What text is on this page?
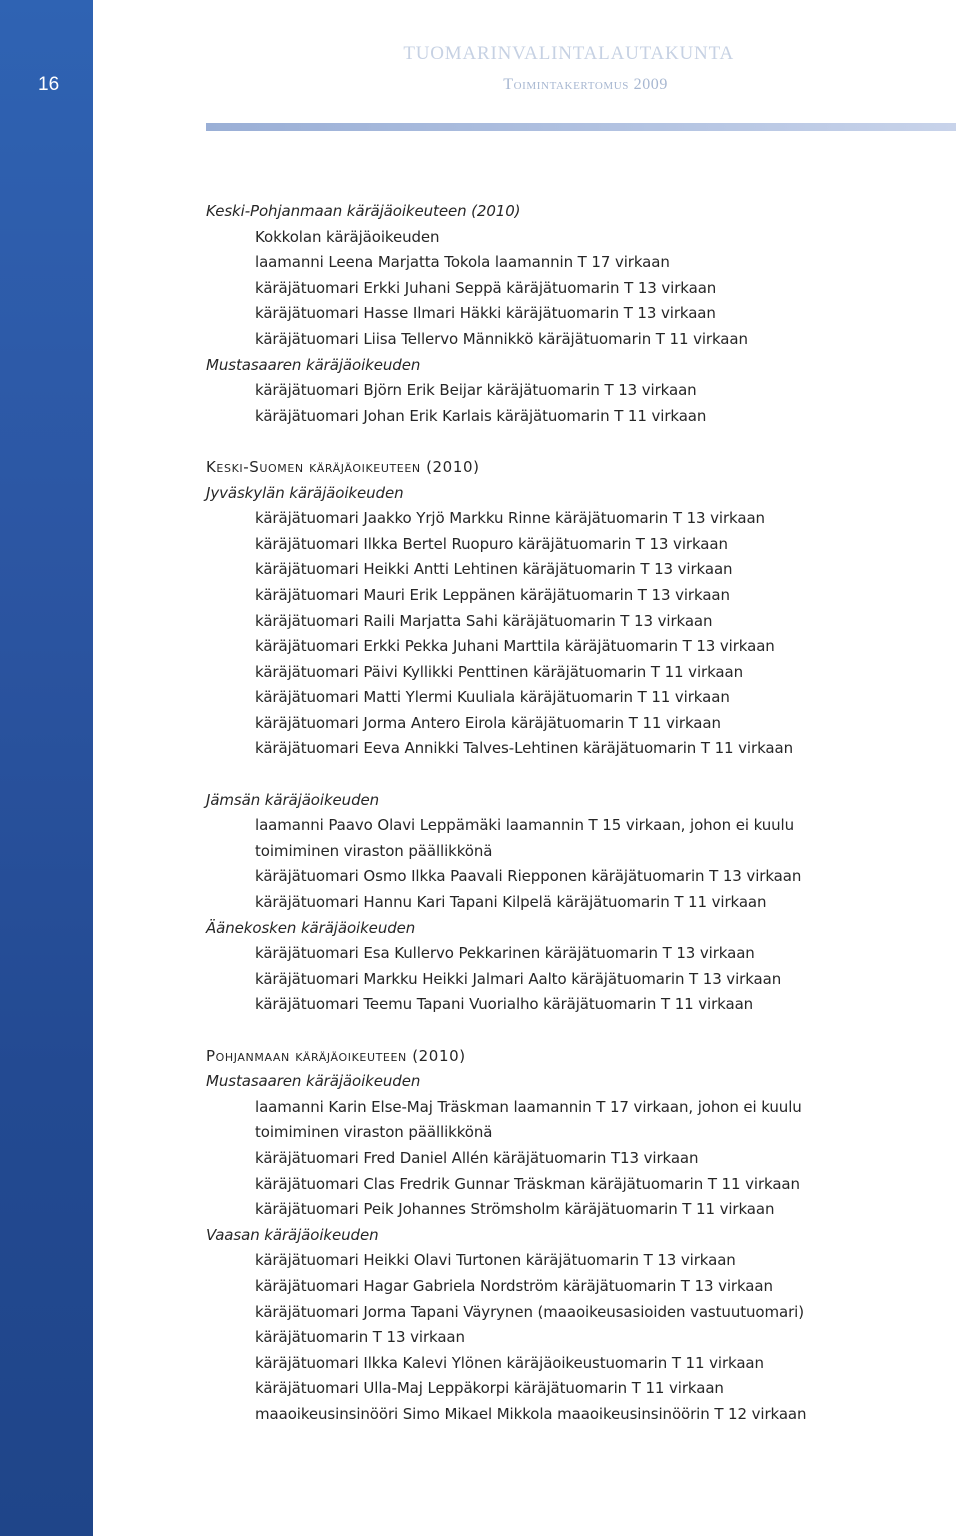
16
TUOMARINVALINTALAUTAKUNTA
Toimintakertomus 2009
Keski-Pohjanmaan käräjäoikeuteen (2010)
Kokkolan käräjäoikeuden
laamanni Leena Marjatta Tokola laamannin T 17 virkaan
käräjätuomari Erkki Juhani Seppä käräjätuomarin T 13 virkaan
käräjätuomari Hasse Ilmari Häkki käräjätuomarin T 13 virkaan
käräjätuomari Liisa Tellervo Männikkö käräjätuomarin T 11 virkaan
Mustasaaren käräjäoikeuden
käräjätuomari Björn Erik Beijar käräjätuomarin T 13 virkaan
käräjätuomari Johan Erik Karlais käräjätuomarin T 11 virkaan
Keski-Suomen käräjäoikeuteen (2010)
Jyväskylän käräjäoikeuden
käräjätuomari Jaakko Yrjö Markku Rinne käräjätuomarin T 13 virkaan
käräjätuomari Ilkka Bertel Ruopuro käräjätuomarin T 13 virkaan
käräjätuomari Heikki Antti Lehtinen käräjätuomarin T 13 virkaan
käräjätuomari Mauri Erik Leppänen käräjätuomarin T 13 virkaan
käräjätuomari Raili Marjatta Sahi käräjätuomarin T 13 virkaan
käräjätuomari Erkki Pekka Juhani Marttila käräjätuomarin T 13 virkaan
käräjätuomari Päivi Kyllikki Penttinen käräjätuomarin T 11 virkaan
käräjätuomari Matti Ylermi Kuuliala käräjätuomarin T 11 virkaan
käräjätuomari Jorma Antero Eirola käräjätuomarin T 11 virkaan
käräjätuomari Eeva Annikki Talves-Lehtinen käräjätuomarin T 11 virkaan
Jämsän käräjäoikeuden
laamanni Paavo Olavi Leppämäki laamannin T 15 virkaan, johon ei kuulu
toimiminen viraston päällikkönä
käräjätuomari Osmo Ilkka Paavali Riepponen käräjätuomarin T 13 virkaan
käräjätuomari Hannu Kari Tapani Kilpelä käräjätuomarin T 11 virkaan
Äänekosken käräjäoikeuden
käräjätuomari Esa Kullervo Pekkarinen käräjätuomarin T 13 virkaan
käräjätuomari Markku Heikki Jalmari Aalto käräjätuomarin T 13 virkaan
käräjätuomari Teemu Tapani Vuorialho käräjätuomarin T 11 virkaan
Pohjanmaan käräjäoikeuteen (2010)
Mustasaaren käräjäoikeuden
laamanni Karin Else-Maj Träskman laamannin T 17 virkaan, johon ei kuulu
toimiminen viraston päällikkönä
käräjätuomari Fred Daniel Allén käräjätuomarin T13 virkaan
käräjätuomari Clas Fredrik Gunnar Träskman käräjätuomarin T 11 virkaan
käräjätuomari Peik Johannes Strömsholm käräjätuomarin T 11 virkaan
Vaasan käräjäoikeuden
käräjätuomari Heikki Olavi Turtonen käräjätuomarin T 13 virkaan
käräjätuomari Hagar Gabriela Nordström käräjätuomarin T 13 virkaan
käräjätuomari Jorma Tapani Väyrynen (maaoikeusasioiden vastuutuomari)
käräjätuomarin T 13 virkaan
käräjätuomari Ilkka Kalevi Ylönen käräjäoikeustuomarin T 11 virkaan
käräjätuomari Ulla-Maj Leppäkorpi käräjätuomarin T 11 virkaan
maaoikeusinsinööri Simo Mikael Mikkola maaoikeusinsinöörin T 12 virkaan
